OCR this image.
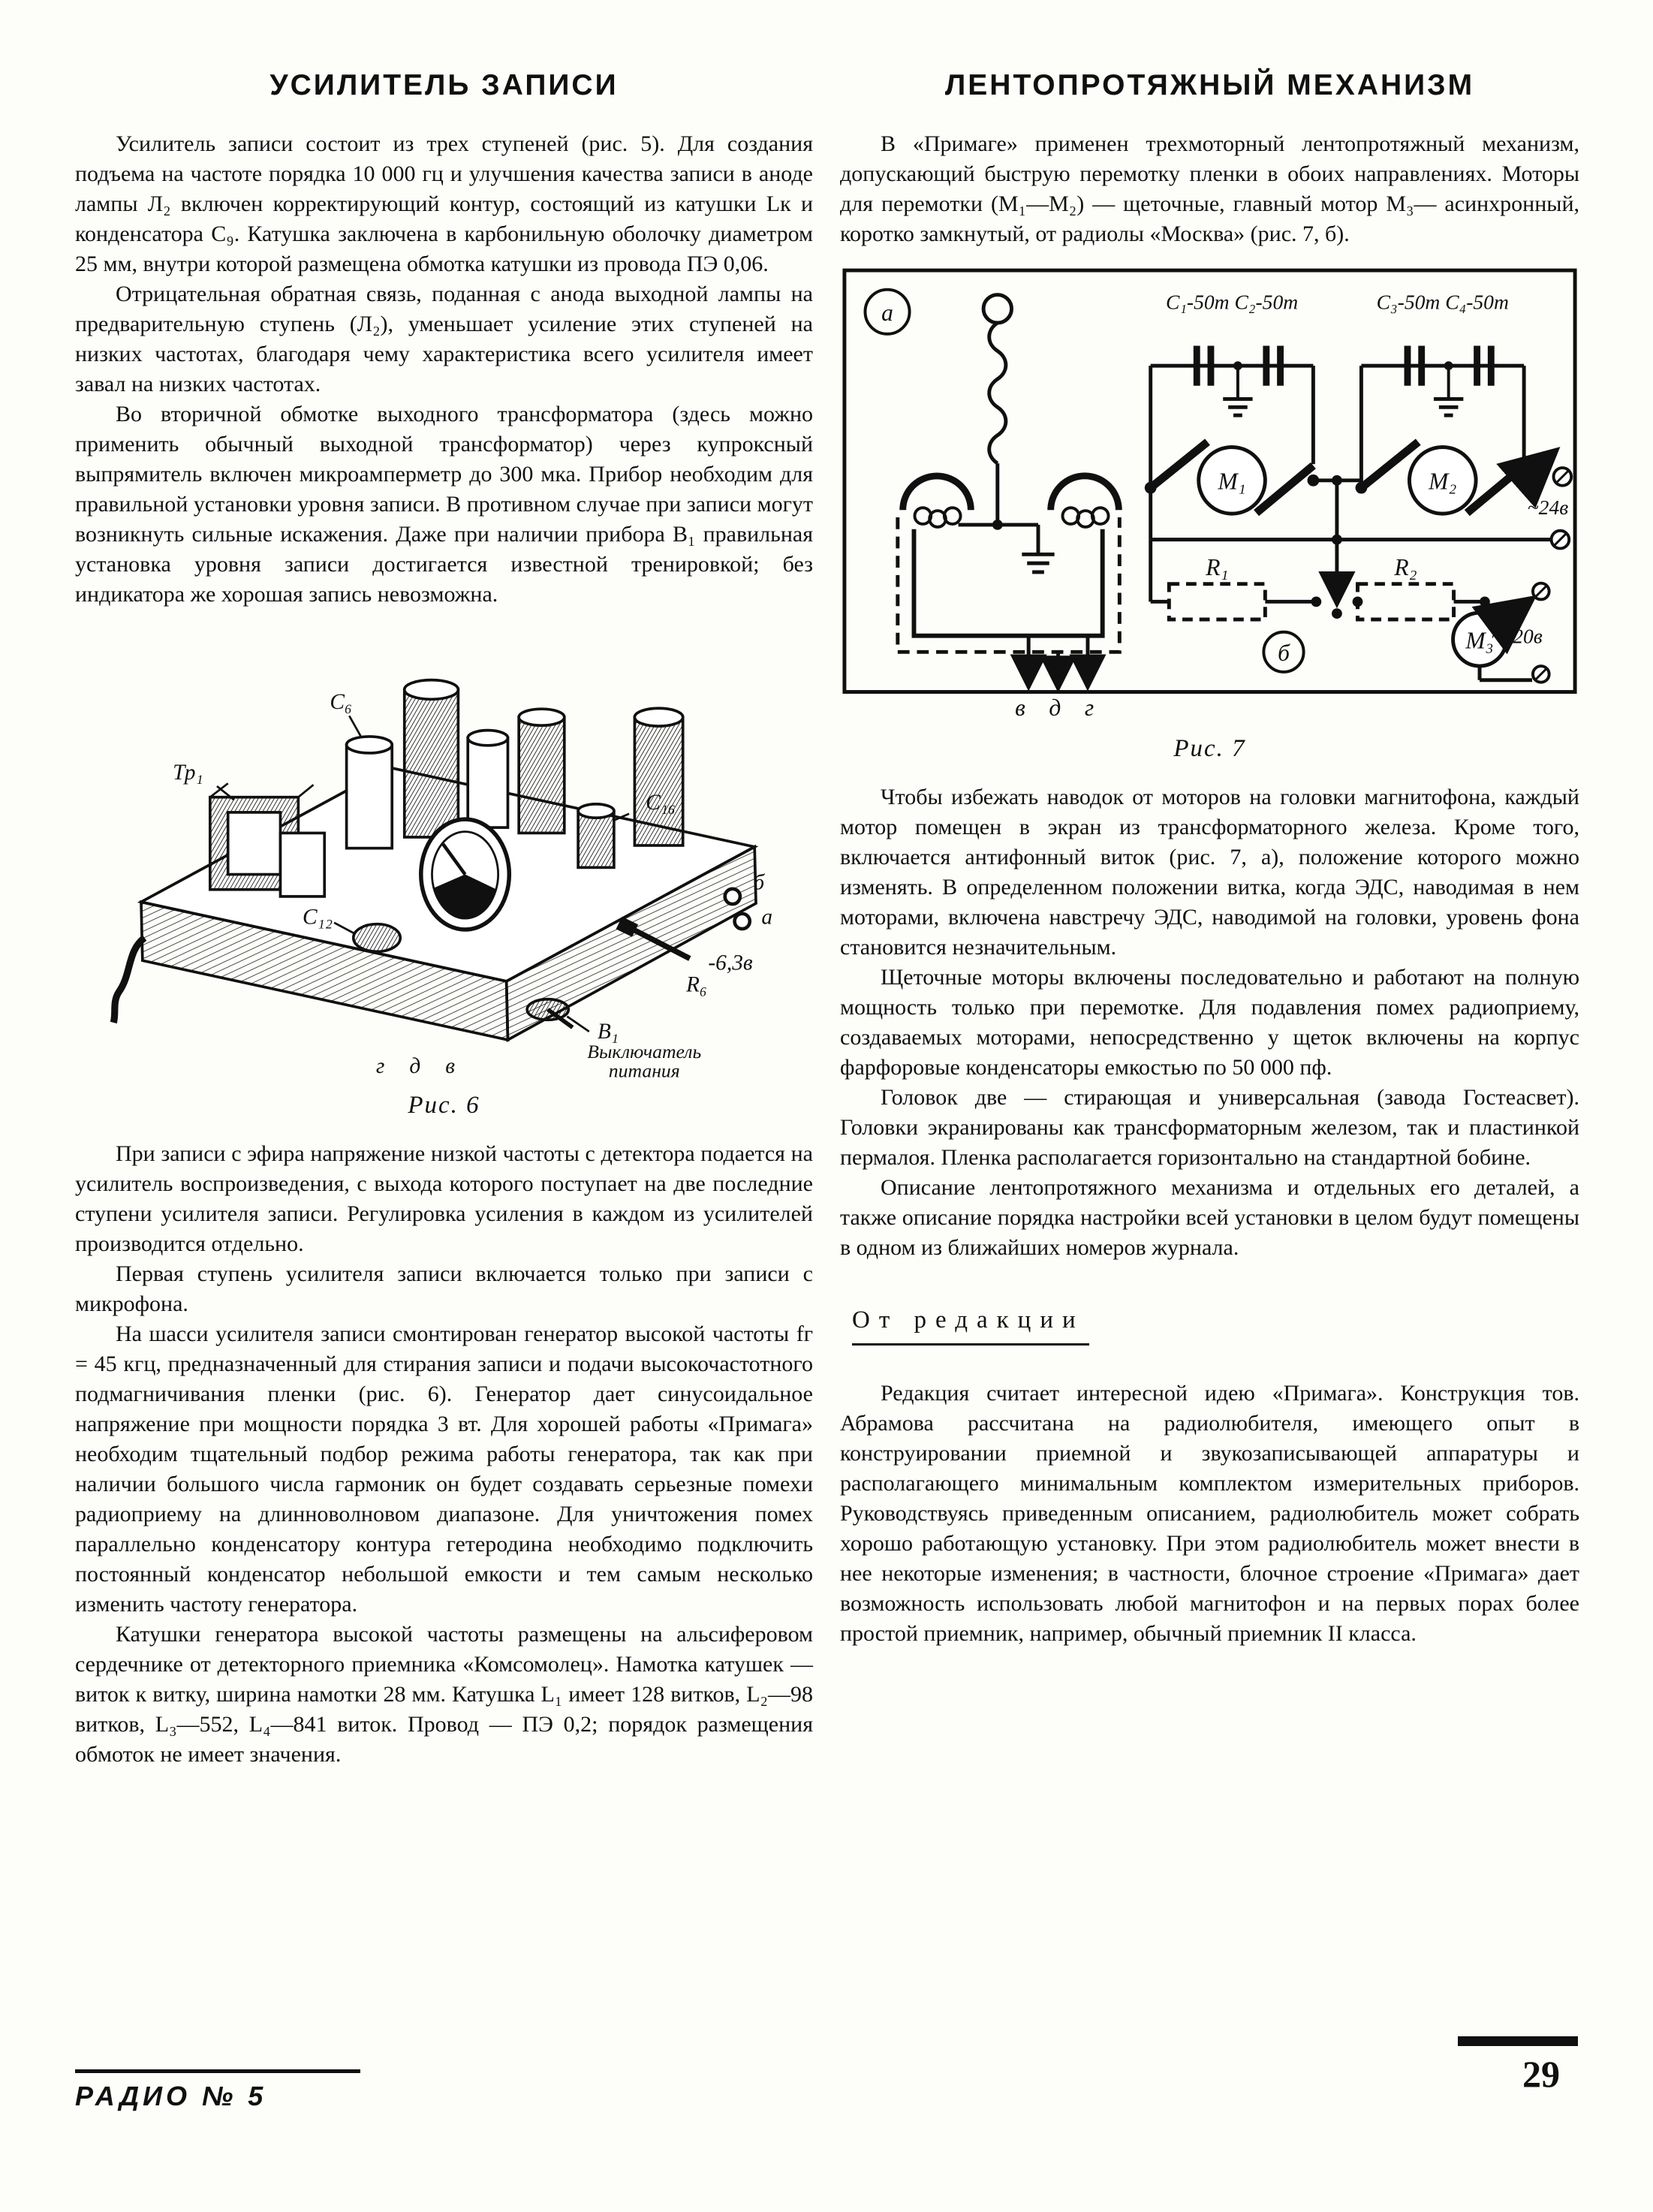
УСИЛИТЕЛЬ ЗАПИСИ

Усилитель записи состоит из трех ступеней (рис. 5). Для создания подъема на частоте порядка 10 000 гц и улучшения качества записи в аноде лампы Л₂ включен корректирующий контур, состоящий из катушки Lк и конденсатора С₉. Катушка заключена в карбонильную оболочку диаметром 25 мм, внутри которой размещена обмотка катушки из провода ПЭ 0,06.

Отрицательная обратная связь, поданная с анода выходной лампы на предварительную ступень (Л₂), уменьшает усиление этих ступеней на низких частотах, благодаря чему характеристика всего усилителя имеет завал на низких частотах.

Во вторичной обмотке выходного трансформатора (здесь можно применить обычный выходной трансформатор) через купроксный выпрямитель включен микроамперметр до 300 мка. Прибор необходим для правильной установки уровня записи. В противном случае при записи могут возникнуть сильные искажения. Даже при наличии прибора В₁ правильная установка уровня записи достигается известной тренировкой; без индикатора же хорошая запись невозможна.

Тр₁
С₆
С₁₂
С₁₆
б
а
-6,3в
R₆
В₁
Выключатель
питания
г д в
Рис. 6

При записи с эфира напряжение низкой частоты с детектора подается на усилитель воспроизведения, с выхода которого поступает на две последние ступени усилителя записи. Регулировка усиления в каждом из усилителей производится отдельно.

Первая ступень усилителя записи включается только при записи с микрофона.

На шасси усилителя записи смонтирован генератор высокой частоты fг = 45 кгц, предназначенный для стирания записи и подачи высокочастотного подмагничивания пленки (рис. 6). Генератор дает синусоидальное напряжение при мощности порядка 3 вт. Для хорошей работы «Примага» необходим тщательный подбор режима работы генератора, так как при наличии большого числа гармоник он будет создавать серьезные помехи радиоприему на длинноволновом диапазоне. Для уничтожения помех параллельно конденсатору контура гетеродина необходимо подключить постоянный конденсатор небольшой емкости и тем самым несколько изменить частоту генератора.

Катушки генератора высокой частоты размещены на альсиферовом сердечнике от детекторного приемника «Комсомолец». Намотка катушек — виток к витку, ширина намотки 28 мм. Катушка L₁ имеет 128 витков, L₂—98 витков, L₃—552, L₄—841 виток. Провод — ПЭ 0,2; порядок размещения обмоток не имеет значения.

ЛЕНТОПРОТЯЖНЫЙ МЕХАНИЗМ

В «Примаге» применен трехмоторный лентопротяжный механизм, допускающий быструю перемотку пленки в обоих направлениях. Моторы для перемотки (М₁—М₂) — щеточные, главный мотор М₃— асинхронный, коротко замкнутый, от радиолы «Москва» (рис. 7, б).

а
в д г
С₁-50т С₂-50т	С₃-50т С₄-50т
М₁	М₂
~24в
R₁	R₂
М₃
~120в
б
Рис. 7

Чтобы избежать наводок от моторов на головки магнитофона, каждый мотор помещен в экран из трансформаторного железа. Кроме того, включается антифонный виток (рис. 7, а), положение которого можно изменять. В определенном положении витка, когда ЭДС, наводимая в нем моторами, включена навстречу ЭДС, наводимой на головки, уровень фона становится незначительным.

Щеточные моторы включены последовательно и работают на полную мощность только при перемотке. Для подавления помех радиоприему, создаваемых моторами, непосредственно у щеток включены на корпус фарфоровые конденсаторы емкостью по 50 000 пф.

Головок две — стирающая и универсальная (завода Гостеасвет). Головки экранированы как трансформаторным железом, так и пластинкой пермалоя. Пленка располагается горизонтально на стандартной бобине.

Описание лентопротяжного механизма и отдельных его деталей, а также описание порядка настройки всей установки в целом будут помещены в одном из ближайших номеров журнала.

От редакции

Редакция считает интересной идею «Примага». Конструкция тов. Абрамова рассчитана на радиолюбителя, имеющего опыт в конструировании приемной и звукозаписывающей аппаратуры и располагающего минимальным комплектом измерительных приборов. Руководствуясь приведенным описанием, радиолюбитель может собрать хорошо работающую установку. При этом радиолюбитель может внести в нее некоторые изменения; в частности, блочное строение «Примага» дает возможность использовать любой магнитофон и на первых порах более простой приемник, например, обычный приемник II класса.

РАДИО № 5
29
